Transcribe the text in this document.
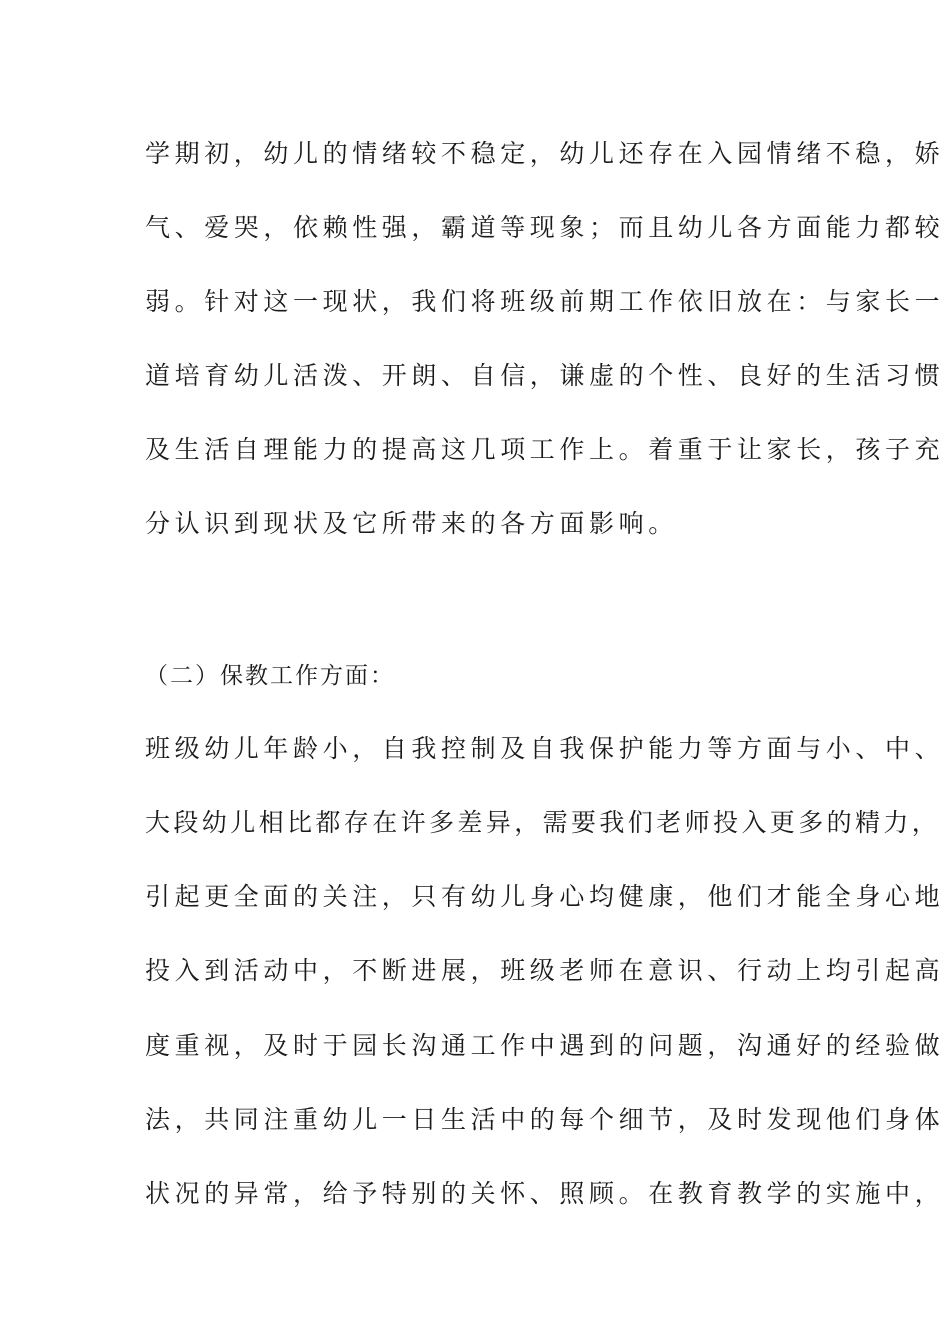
学期初，幼儿的情绪较不稳定，幼儿还存在入园情绪不稳，娇
气、爱哭，依赖性强，霸道等现象；而且幼儿各方面能力都较
弱。针对这一现状，我们将班级前期工作依旧放在：与家长一
道培育幼儿活泼、开朗、自信，谦虚的个性、良好的生活习惯
及生活自理能力的提高这几项工作上。着重于让家长，孩子充
分认识到现状及它所带来的各方面影响。
（二）保教工作方面：
班级幼儿年龄小，自我控制及自我保护能力等方面与小、中、
大段幼儿相比都存在许多差异，需要我们老师投入更多的精力，
引起更全面的关注，只有幼儿身心均健康，他们才能全身心地
投入到活动中，不断进展，班级老师在意识、行动上均引起高
度重视，及时于园长沟通工作中遇到的问题，沟通好的经验做
法，共同注重幼儿一日生活中的每个细节，及时发现他们身体
状况的异常，给予特别的关怀、照顾。在教育教学的实施中，
